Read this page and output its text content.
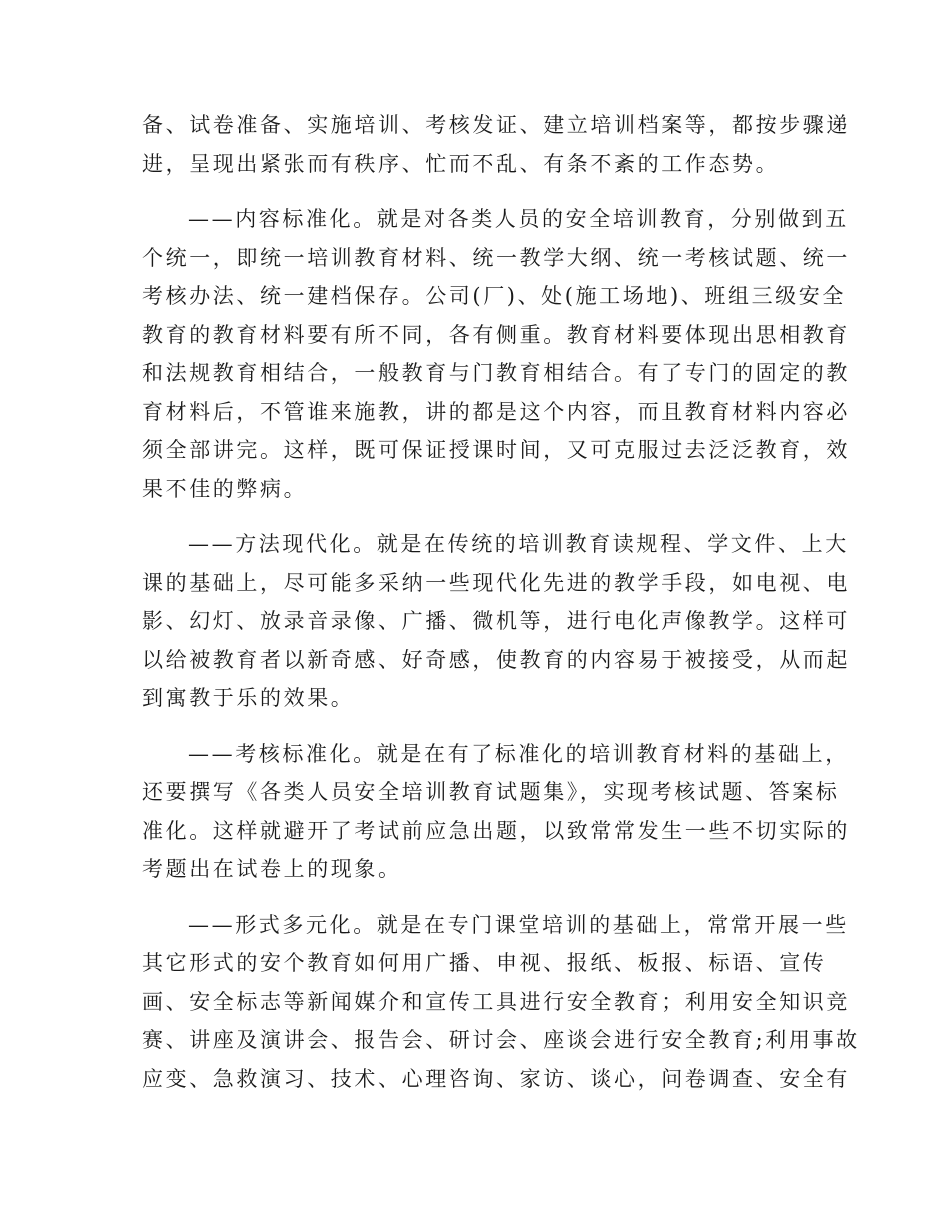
备、试卷准备、实施培训、考核发证、建立培训档案等，都按步骤递
进，呈现出紧张而有秩序、忙而不乱、有条不紊的工作态势。
——内容标准化。就是对各类人员的安全培训教育，分别做到五
个统一，即统一培训教育材料、统一教学大纲、统一考核试题、统一
考核办法、统一建档保存。公司(厂)、处(施工场地)、班组三级安全
教育的教育材料要有所不同，各有侧重。教育材料要体现出思相教育
和法规教育相结合，一般教育与门教育相结合。有了专门的固定的教
育材料后，不管谁来施教，讲的都是这个内容，而且教育材料内容必
须全部讲完。这样，既可保证授课时间，又可克服过去泛泛教育，效
果不佳的弊病。
——方法现代化。就是在传统的培训教育读规程、学文件、上大
课的基础上，尽可能多采纳一些现代化先进的教学手段，如电视、电
影、幻灯、放录音录像、广播、微机等，进行电化声像教学。这样可
以给被教育者以新奇感、好奇感，使教育的内容易于被接受，从而起
到寓教于乐的效果。
——考核标准化。就是在有了标准化的培训教育材料的基础上，
还要撰写《各类人员安全培训教育试题集》，实现考核试题、答案标
准化。这样就避开了考试前应急出题，以致常常发生一些不切实际的
考题出在试卷上的现象。
——形式多元化。就是在专门课堂培训的基础上，常常开展一些
其它形式的安个教育如何用广播、申视、报纸、板报、标语、宣传
画、安全标志等新闻媒介和宣传工具进行安全教育；利用安全知识竞
赛、讲座及演讲会、报告会、研讨会、座谈会进行安全教育;利用事故
应变、急救演习、技术、心理咨询、家访、谈心，问卷调查、安全有
